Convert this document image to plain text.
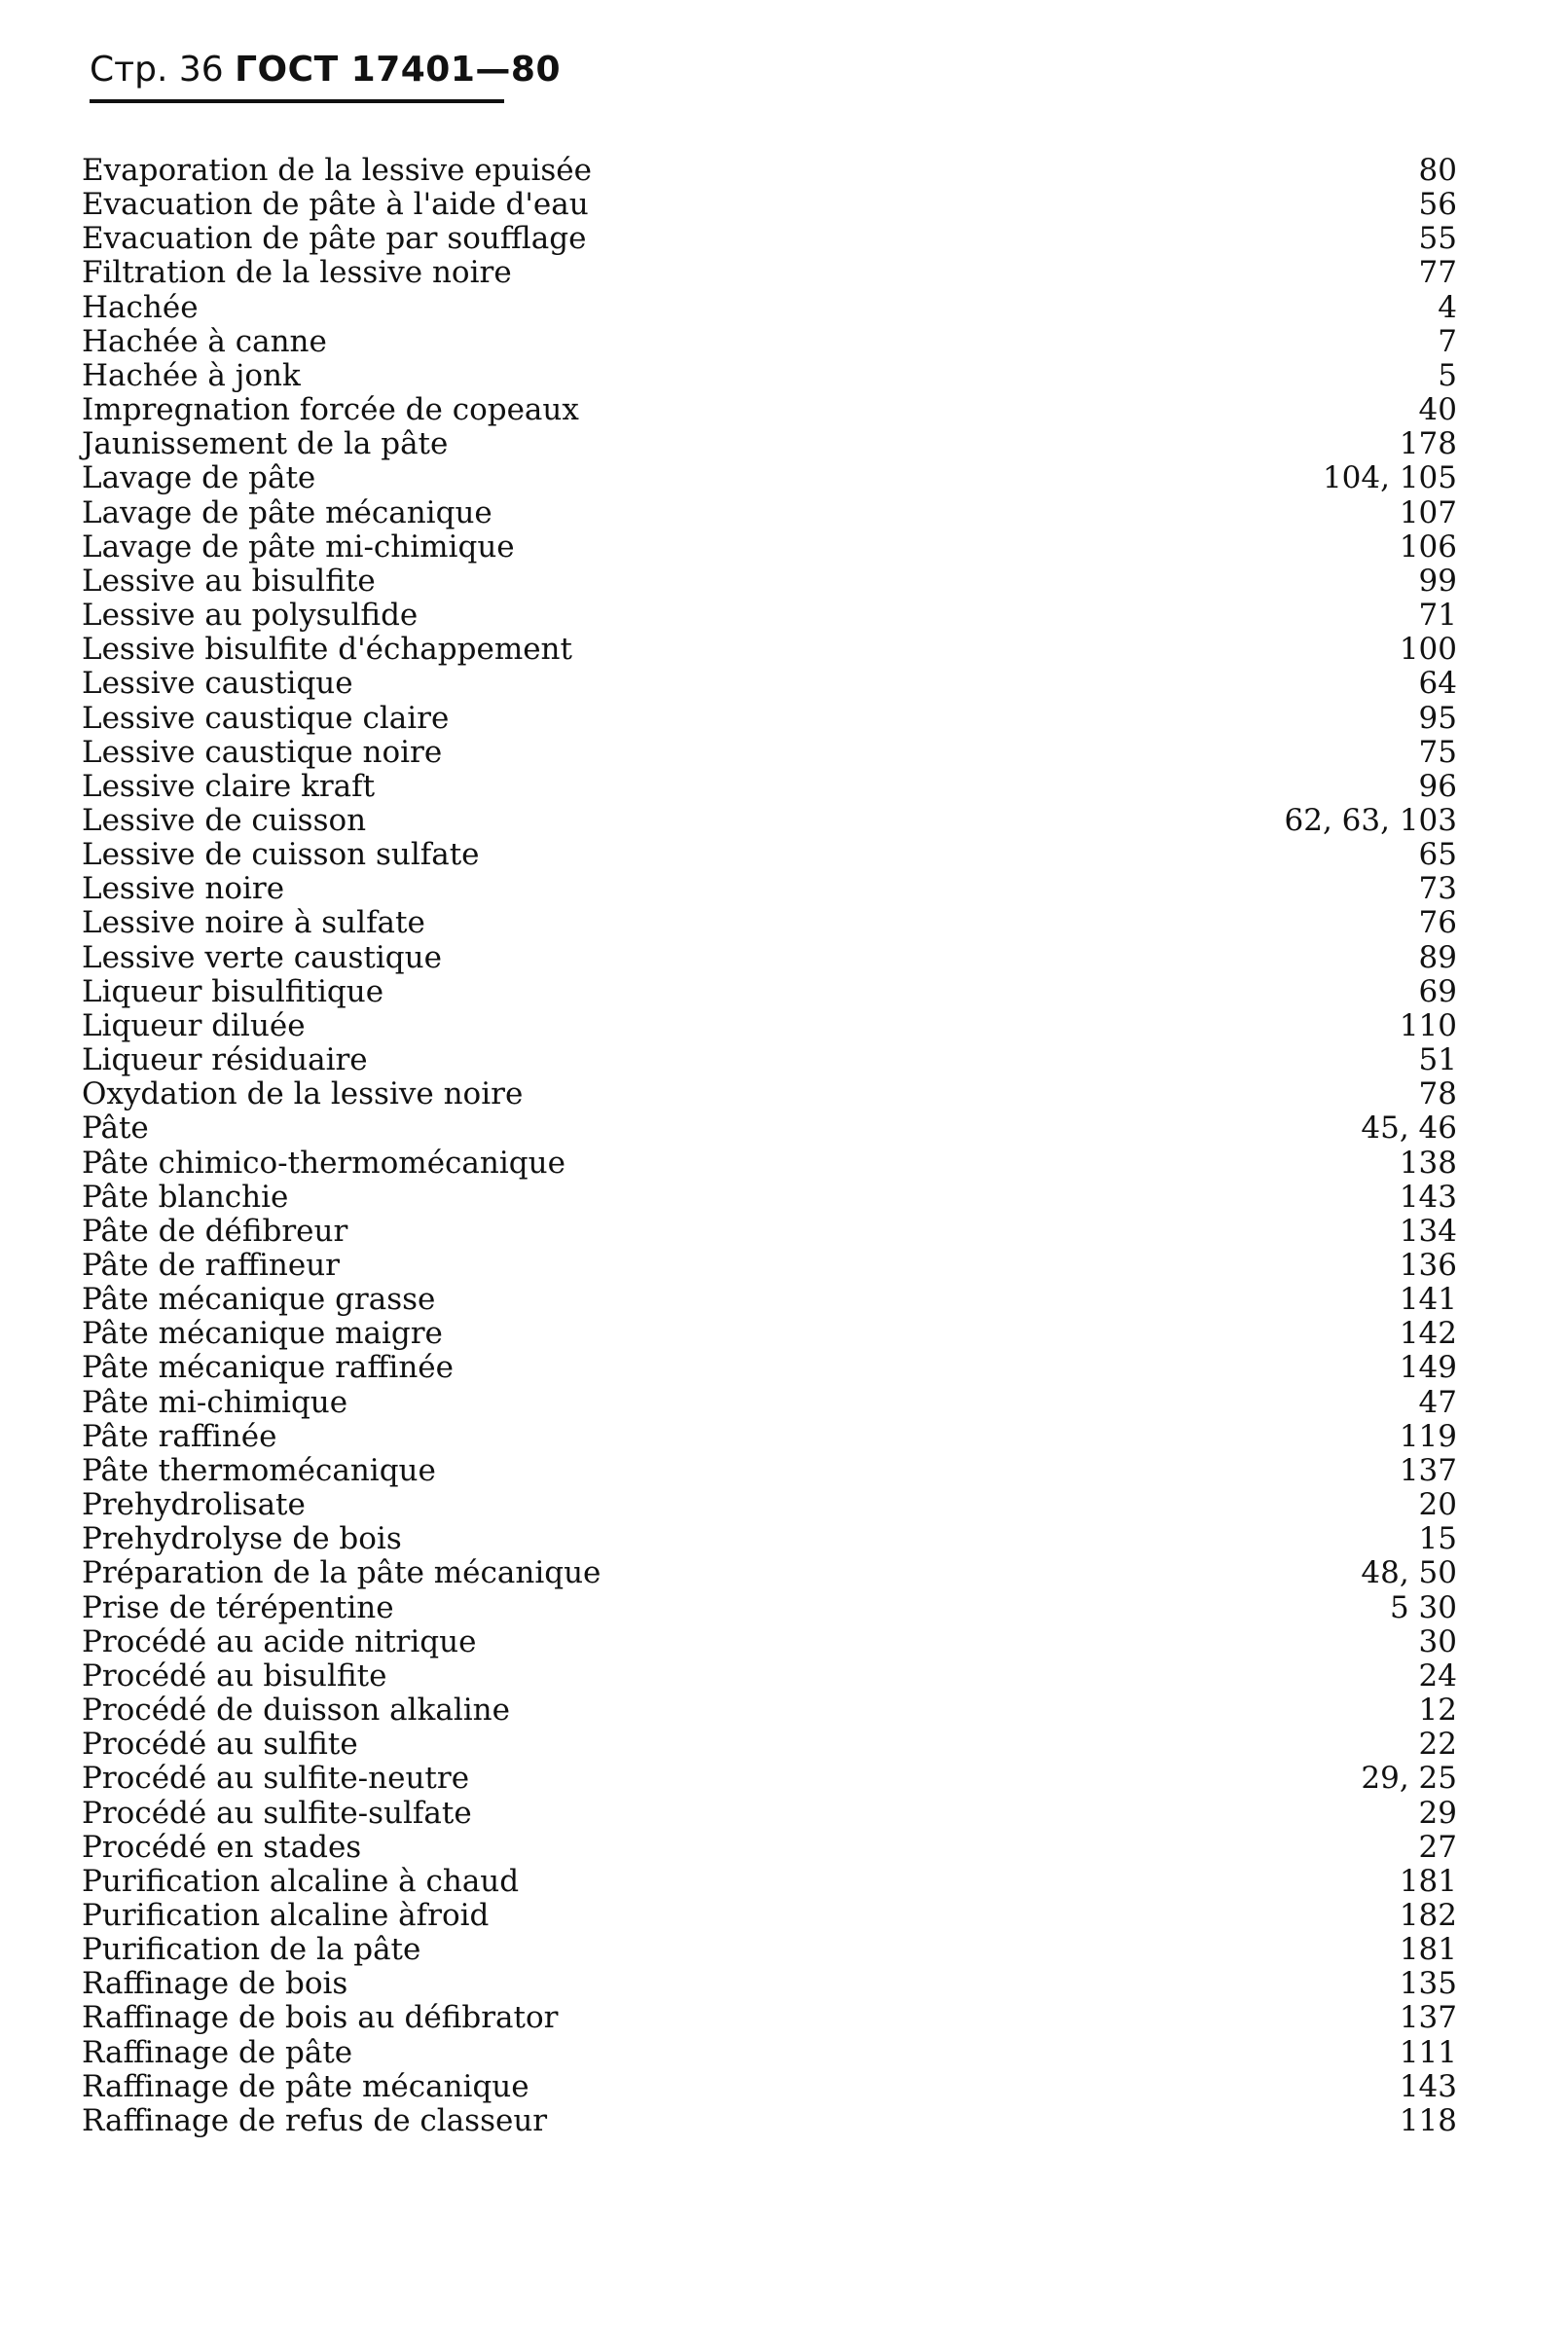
Стр. 36 ГОСТ 17401—80
Evaporation de la lessive epuisée	80
Evacuation de pâte à l'aide d'eau	56
Evacuation de pâte par soufflage	55
Filtration de la lessive noire	77
Hachée	4
Hachée à canne	7
Hachée à jonk	5
Impregnation forcée de copeaux	40
Jaunissement de la pâte	178
Lavage de pâte	104, 105
Lavage de pâte mécanique	107
Lavage de pâte mi-chimique	106
Lessive au bisulfite	99
Lessive au polysulfide	71
Lessive bisulfite d'échappement	100
Lessive caustique	64
Lessive caustique claire	95
Lessive caustique noire	75
Lessive claire kraft	96
Lessive de cuisson	62, 63, 103
Lessive de cuisson sulfate	65
Lessive noire	73
Lessive noire à sulfate	76
Lessive verte caustique	89
Liqueur bisulfitique	69
Liqueur diluée	110
Liqueur résiduaire	51
Oxydation de la lessive noire	78
Pâte	45, 46
Pâte chimico-thermomécanique	138
Pâte blanchie	143
Pâte de défibreur	134
Pâte de raffineur	136
Pâte mécanique grasse	141
Pâte mécanique maigre	142
Pâte mécanique raffinée	149
Pâte mi-chimique	47
Pâte raffinée	119
Pâte thermomécanique	137
Prehydrolisate	20
Prehydrolyse de bois	15
Préparation de la pâte mécanique	48, 50
Prise de térépentine	5 30
Procédé au acide nitrique	30
Procédé au bisulfite	24
Procédé de duisson alkaline	12
Procédé au sulfite	22
Procédé au sulfite-neutre	29, 25
Procédé au sulfite-sulfate	29
Procédé en stades	27
Purification alcaline à chaud	181
Purification alcaline àfroid	182
Purification de la pâte	181
Raffinage de bois	135
Raffinage de bois au défibrator	137
Raffinage de pâte	111
Raffinage de pâte mécanique	143
Raffinage de refus de classeur	118
